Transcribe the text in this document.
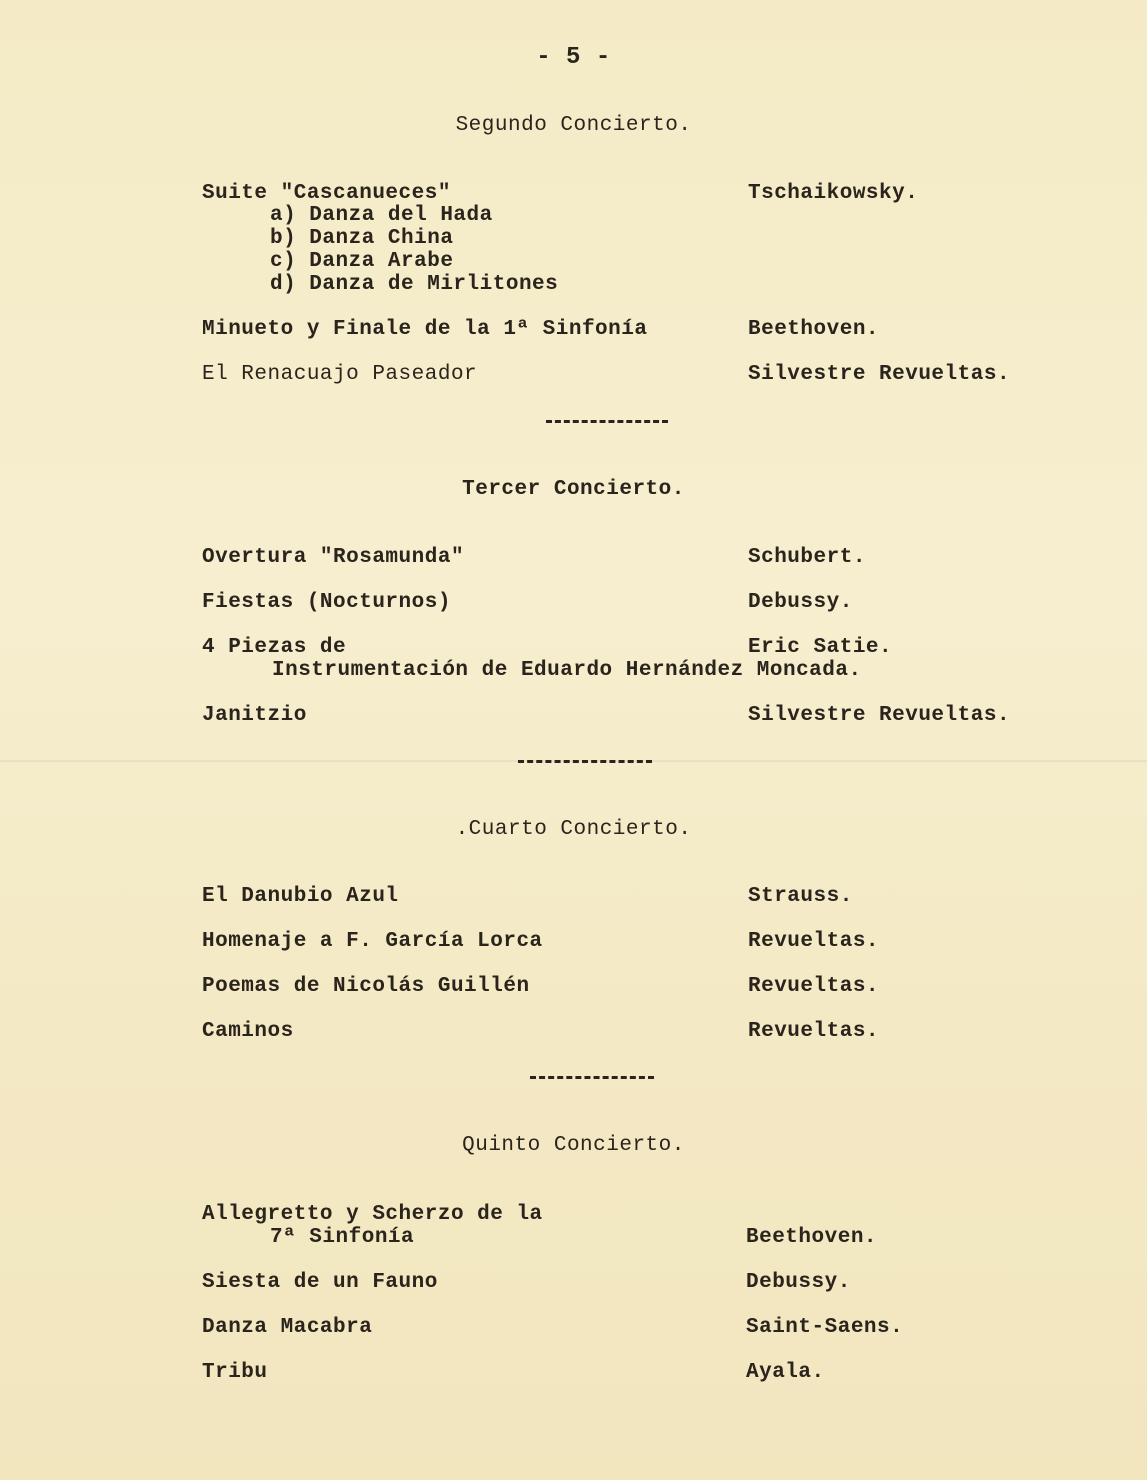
- 5 -
Segundo Concierto.
Suite "Cascanueces"	Tschaikowsky.
a) Danza del Hada
b) Danza China
c) Danza Arabe
d) Danza de Mirlitones
Minueto y Finale de la 1ª Sinfonía	Beethoven.
El Renacuajo Paseador	Silvestre Revueltas.
Tercer Concierto.
Overtura "Rosamunda"	Schubert.
Fiestas (Nocturnos)	Debussy.
4 Piezas de	Eric Satie.
Instrumentación de Eduardo Hernández Moncada.
Janitzio	Silvestre Revueltas.
.Cuarto Concierto.
El Danubio Azul	Strauss.
Homenaje a F. García Lorca	Revueltas.
Poemas de Nicolás Guillén	Revueltas.
Caminos	Revueltas.
Quinto Concierto.
Allegretto y Scherzo de la
7ª Sinfonía	Beethoven.
Siesta de un Fauno	Debussy.
Danza Macabra	Saint-Saens.
Tribu	Ayala.
